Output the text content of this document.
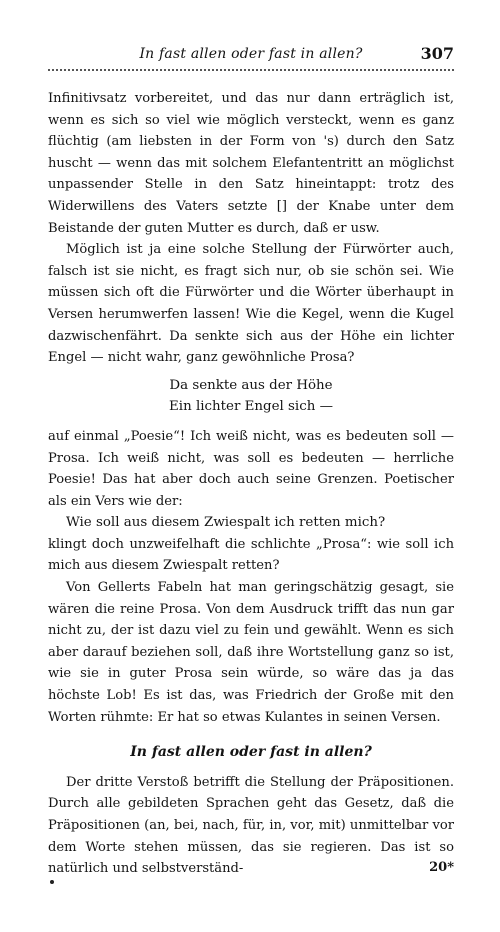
In fast allen oder fast in allen?	307

Infinitivsatz vorbereitet, und das nur dann erträglich ist, wenn es sich so viel wie möglich versteckt, wenn es ganz flüchtig (am liebsten in der Form von 's) durch den Satz huscht — wenn das mit solchem Elefantentritt an möglichst unpassender Stelle in den Satz hineintappt: trotz des Widerwillens des Vaters setzte [] der Knabe unter dem Beistande der guten Mutter es durch, daß er usw.

Möglich ist ja eine solche Stellung der Fürwörter auch, falsch ist sie nicht, es fragt sich nur, ob sie schön sei. Wie müssen sich oft die Fürwörter und die Wörter überhaupt in Versen herumwerfen lassen! Wie die Kegel, wenn die Kugel dazwischenfährt. Da senkte sich aus der Höhe ein lichter Engel — nicht wahr, ganz gewöhnliche Prosa?

Da senkte aus der Höhe
Ein lichter Engel sich —

auf einmal „Poesie“! Ich weiß nicht, was es bedeuten soll — Prosa. Ich weiß nicht, was soll es bedeuten — herrliche Poesie! Das hat aber doch auch seine Grenzen. Poetischer als ein Vers wie der:

Wie soll aus diesem Zwiespalt ich retten mich?

klingt doch unzweifelhaft die schlichte „Prosa“: wie soll ich mich aus diesem Zwiespalt retten?

Von Gellerts Fabeln hat man geringschätzig gesagt, sie wären die reine Prosa. Von dem Ausdruck trifft das nun gar nicht zu, der ist dazu viel zu fein und gewählt. Wenn es sich aber darauf beziehen soll, daß ihre Wortstellung ganz so ist, wie sie in guter Prosa sein würde, so wäre das ja das höchste Lob! Es ist das, was Friedrich der Große mit den Worten rühmte: Er hat so etwas Kulantes in seinen Versen.

In fast allen oder fast in allen?

Der dritte Verstoß betrifft die Stellung der Präpositionen. Durch alle gebildeten Sprachen geht das Gesetz, daß die Präpositionen (an, bei, nach, für, in, vor, mit) unmittelbar vor dem Worte stehen müssen, das sie regieren. Das ist so natürlich und selbstverständ-	20*
